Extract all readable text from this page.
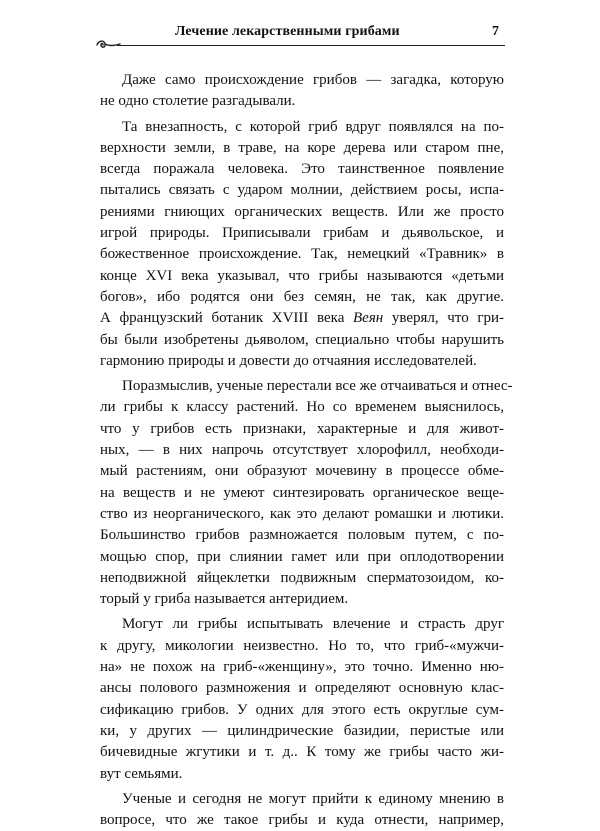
Лечение лекарственными грибами	7

Даже само происхождение грибов — загадка, которую
не одно столетие разгадывали.

Та внезапность, с которой гриб вдруг появлялся на по-
верхности земли, в траве, на коре дерева или старом пне,
всегда поражала человека. Это таинственное появление
пытались связать с ударом молнии, действием росы, испа-
рениями гниющих органических веществ. Или же просто
игрой природы. Приписывали грибам и дьявольское, и
божественное происхождение. Так, немецкий «Травник» в
конце XVI века указывал, что грибы называются «детьми
богов», ибо родятся они без семян, не так, как другие.
А французский ботаник XVIII века Веян уверял, что гри-
бы были изобретены дьяволом, специально чтобы нарушить
гармонию природы и довести до отчаяния исследователей.

Поразмыслив, ученые перестали все же отчаиваться и отнес-
ли грибы к классу растений. Но со временем выяснилось,
что у грибов есть признаки, характерные и для живот-
ных, — в них напрочь отсутствует хлорофилл, необходи-
мый растениям, они образуют мочевину в процессе обме-
на веществ и не умеют синтезировать органическое веще-
ство из неорганического, как это делают ромашки и лютики.
Большинство грибов размножается половым путем, с по-
мощью спор, при слиянии гамет или при оплодотворении
неподвижной яйцеклетки подвижным сперматозоидом, ко-
торый у гриба называется антеридием.

Могут ли грибы испытывать влечение и страсть друг
к другу, микологии неизвестно. Но то, что гриб-«мужчи-
на» не похож на гриб-«женщину», это точно. Именно ню-
ансы полового размножения и определяют основную клас-
сификацию грибов. У одних для этого есть округлые сум-
ки, у других — цилиндрические базидии, перистые или
бичевидные жгутики и т. д.. К тому же грибы часто жи-
вут семьями.

Ученые и сегодня не могут прийти к единому мнению в
вопросе, что же такое грибы и куда отнести, например,
